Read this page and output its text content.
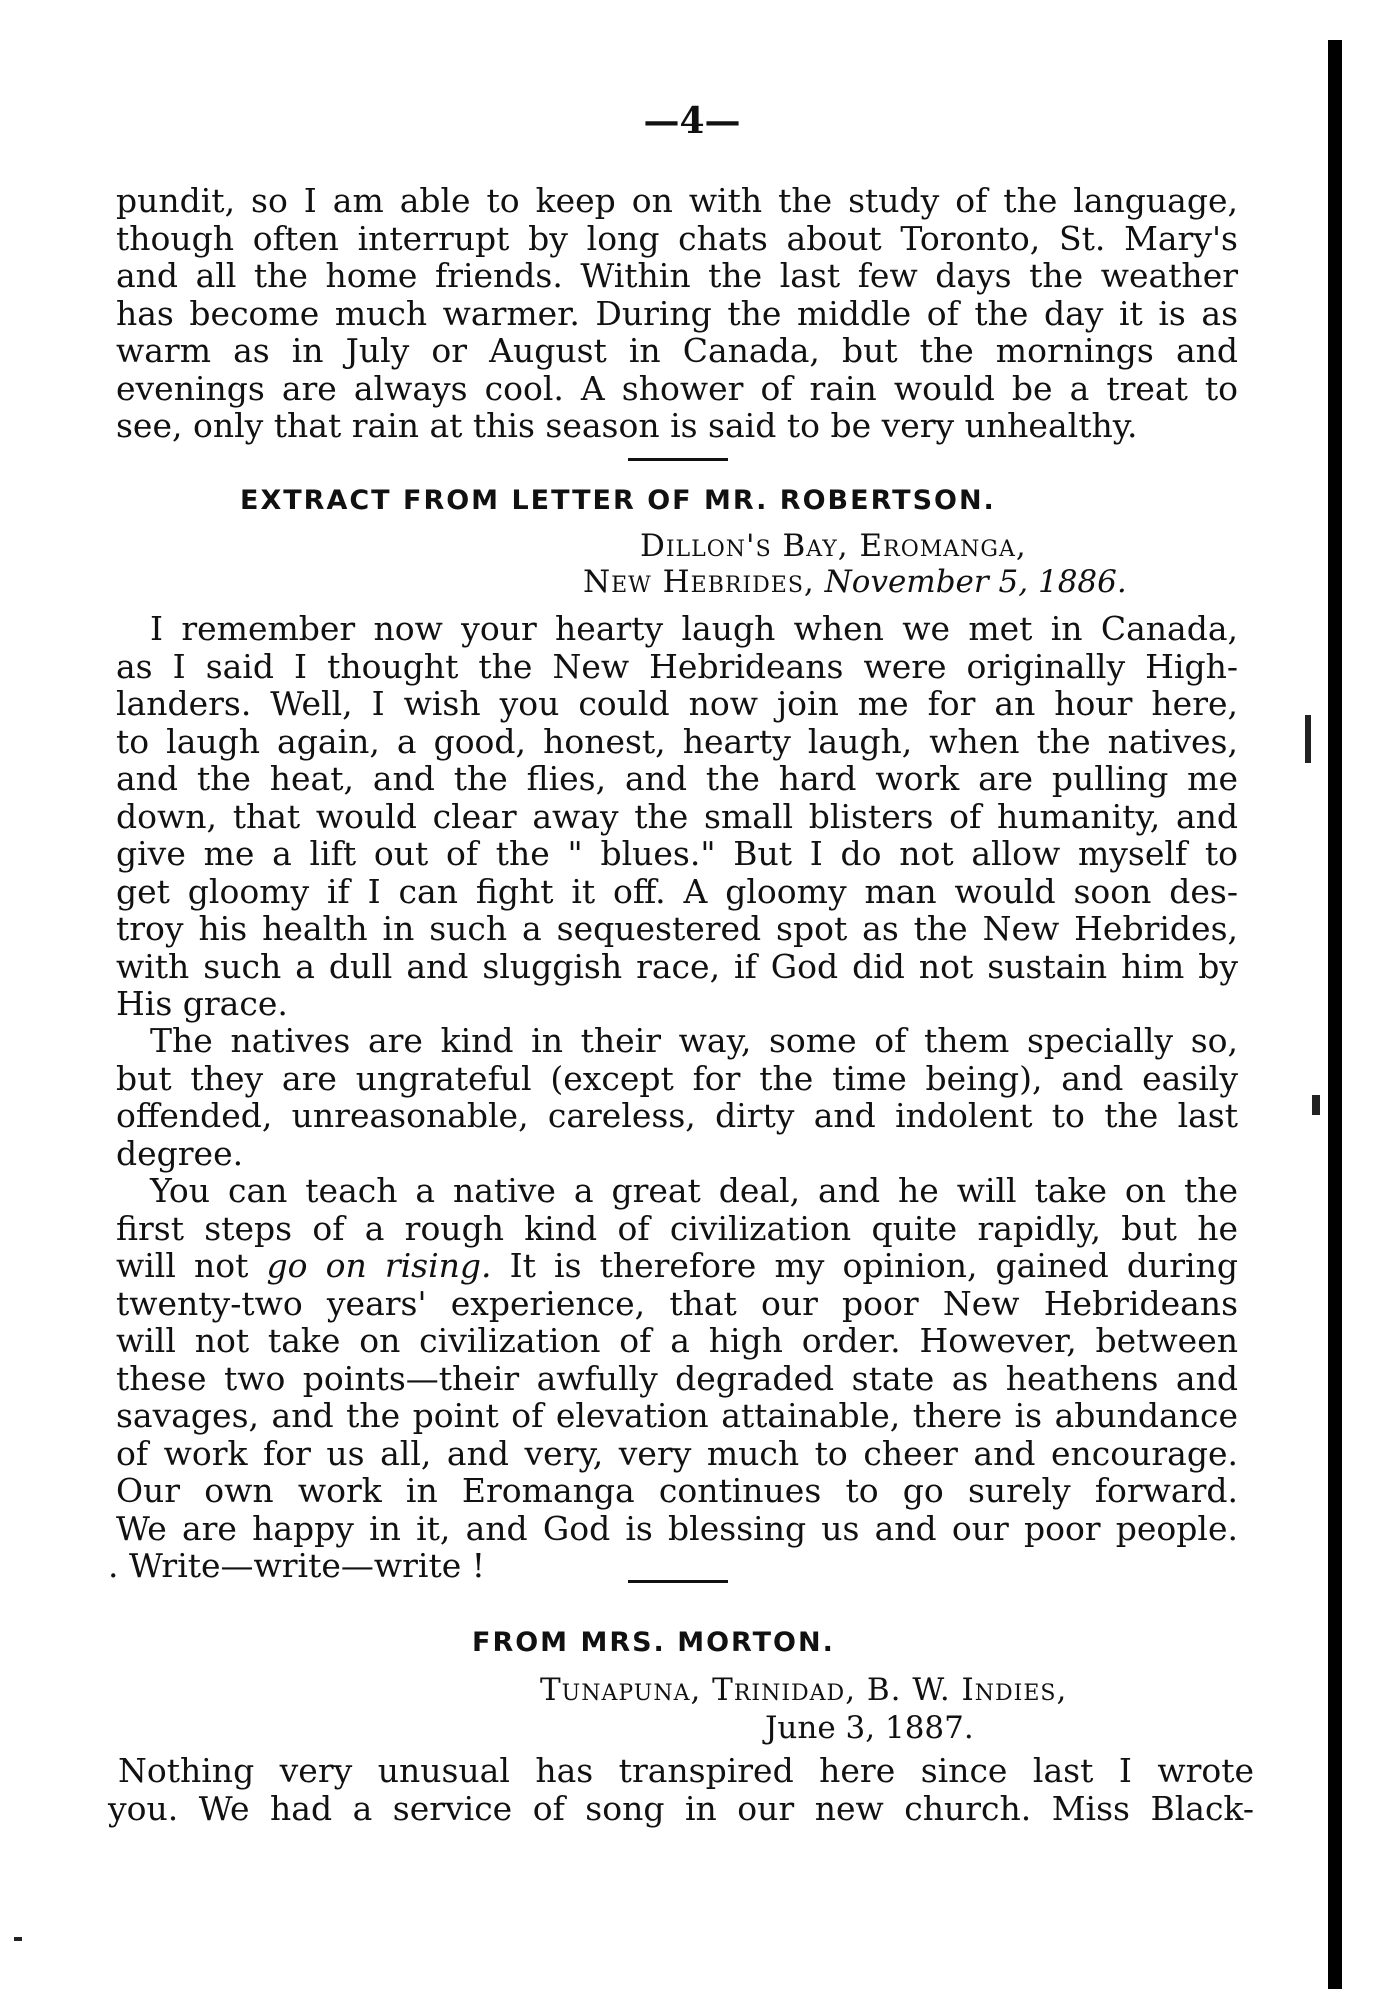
—4—
pundit, so I am able to keep on with the study of the language,
though often interrupt by long chats about Toronto, St. Mary's
and all the home friends. Within the last few days the weather
has become much warmer. During the middle of the day it is as
warm as in July or August in Canada, but the mornings and
evenings are always cool. A shower of rain would be a treat to
see, only that rain at this season is said to be very unhealthy.
EXTRACT FROM LETTER OF MR. ROBERTSON.
Dillon's Bay, Eromanga,
New Hebrides, November 5, 1886.
I remember now your hearty laugh when we met in Canada,
as I said I thought the New Hebrideans were originally High-
landers. Well, I wish you could now join me for an hour here,
to laugh again, a good, honest, hearty laugh, when the natives,
and the heat, and the flies, and the hard work are pulling me
down, that would clear away the small blisters of humanity, and
give me a lift out of the " blues." But I do not allow myself to
get gloomy if I can fight it off. A gloomy man would soon des-
troy his health in such a sequestered spot as the New Hebrides,
with such a dull and sluggish race, if God did not sustain him by
His grace.
The natives are kind in their way, some of them specially so,
but they are ungrateful (except for the time being), and easily
offended, unreasonable, careless, dirty and indolent to the last
degree.
You can teach a native a great deal, and he will take on the
first steps of a rough kind of civilization quite rapidly, but he
will not go on rising. It is therefore my opinion, gained during
twenty-two years' experience, that our poor New Hebrideans
will not take on civilization of a high order. However, between
these two points—their awfully degraded state as heathens and
savages, and the point of elevation attainable, there is abundance
of work for us all, and very, very much to cheer and encourage.
Our own work in Eromanga continues to go surely forward.
We are happy in it, and God is blessing us and our poor people.
. Write—write—write !
FROM MRS. MORTON.
Tunapuna, Trinidad, B. W. Indies,
June 3, 1887.
Nothing very unusual has transpired here since last I wrote
you. We had a service of song in our new church. Miss Black-
